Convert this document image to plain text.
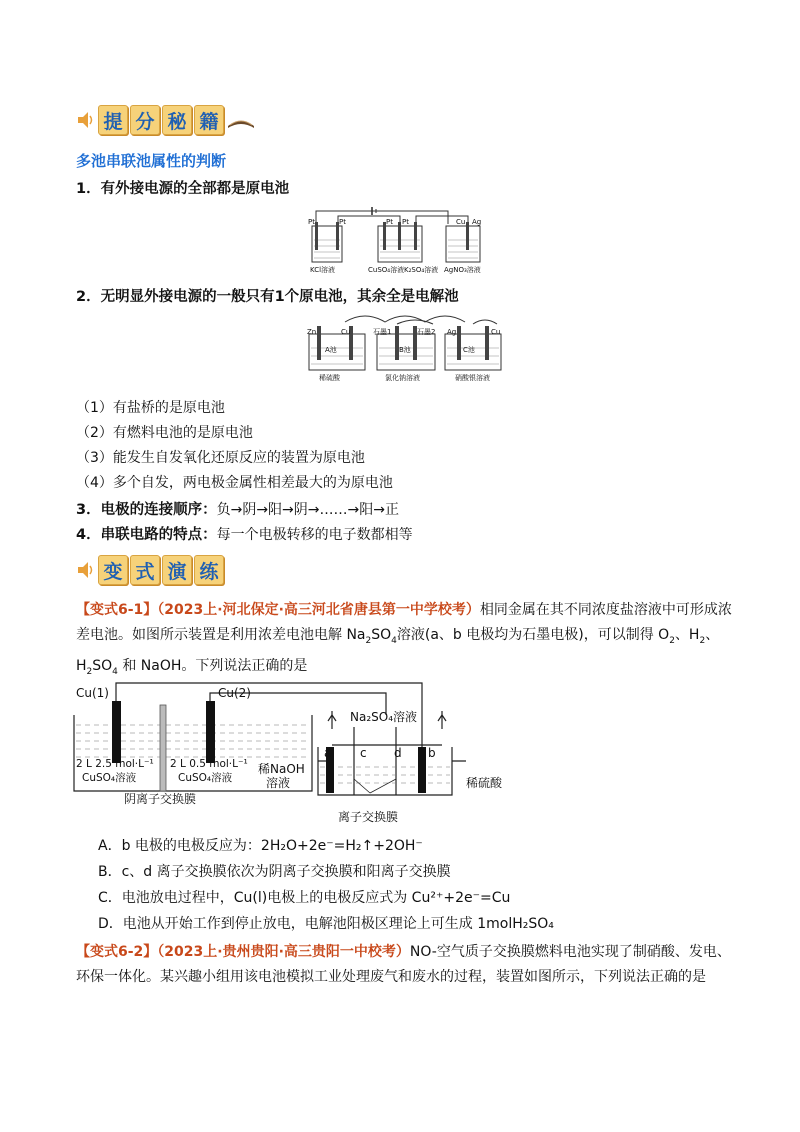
提 分 秘 籍
多池串联池属性的判断
1．有外接电源的全部都是原电池
Pt	Pt	Pt Pt	Cu Ag
KCl溶液	CuSO₄溶液 K₂SO₄溶液 AgNO₃溶液
2．无明显外接电源的一般只有1个原电池，其余全是电解池
Zn	Cu	石墨1	石墨2 Ag	Cu
A池	B池	C池
稀硫酸	氯化钠溶液	硝酸银溶液
（1）有盐桥的是原电池
（2）有燃料电池的是原电池
（3）能发生自发氧化还原反应的装置为原电池
（4）多个自发，两电极金属性相差最大的为原电池
3．电极的连接顺序：负→阴→阳→阴→……→阳→正
4．串联电路的特点：每一个电极转移的电子数都相等
变 式 演 练
【变式6-1】（2023上·河北保定·高三河北省唐县第一中学校考）相同金属在其不同浓度盐溶液中可形成浓
差电池。如图所示装置是利用浓差电池电解 $Na_2SO_4$溶液(a、b 电极均为石墨电极)，可以制得 $O_2$、$H_2$、
$H_2SO_4$ 和 NaOH。下列说法正确的是
Cu(1)	Cu(2)
Na₂SO₄溶液
a c d b
稀NaOH
溶液	稀硫酸
离子交换膜
阴离子交换膜
2 L 2.5 mol·L⁻¹
CuSO₄溶液
2 L 0.5 mol·L⁻¹
CuSO₄溶液
A．b 电极的电极反应为：2H₂O+2e⁻=H₂↑+2OH⁻
B．c、d 离子交换膜依次为阴离子交换膜和阳离子交换膜
C．电池放电过程中，Cu(l)电极上的电极反应式为 Cu²⁺+2e⁻=Cu
D．电池从开始工作到停止放电，电解池阳极区理论上可生成 1molH₂SO₄
【变式6-2】（2023上·贵州贵阳·高三贵阳一中校考）NO-空气质子交换膜燃料电池实现了制硝酸、发电、
环保一体化。某兴趣小组用该电池模拟工业处理废气和废水的过程，装置如图所示，下列说法正确的是
